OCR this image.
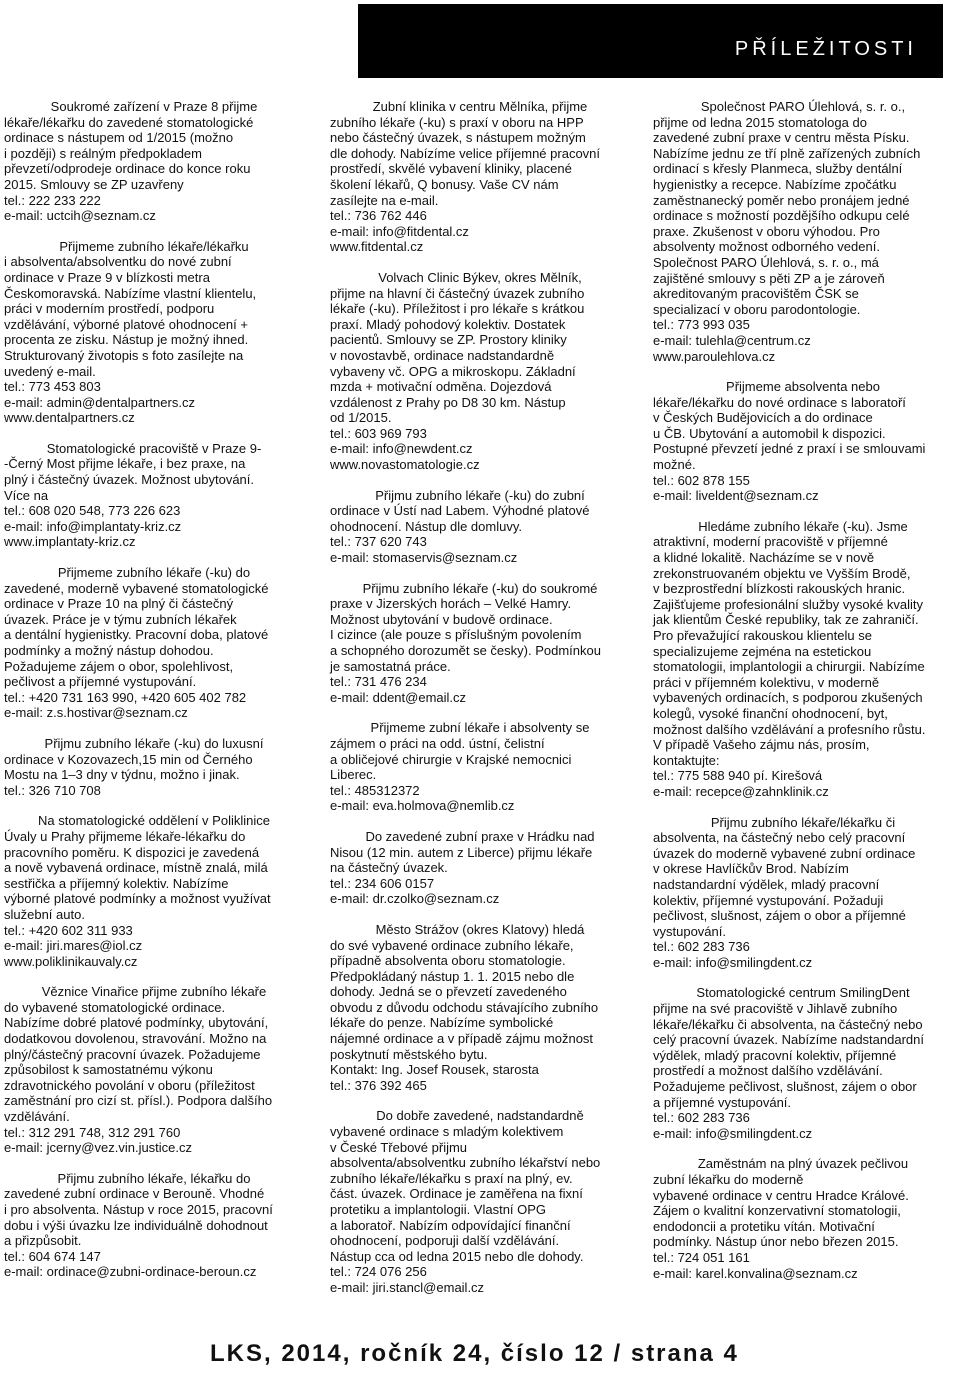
PŘÍLEŽITOSTI
Soukromé zařízení v Praze 8 přijme
lékaře/lékařku do zavedené stomatologické
ordinace s nástupem od 1/2015 (možno
i později) s reálným předpokladem
převzetí/odprodeje ordinace do konce roku
2015. Smlouvy se ZP uzavřeny
tel.: 222 233 222
e-mail: uctcih@seznam.cz
Přijmeme zubního lékaře/lékařku
i absolventa/absolventku do nové zubní
ordinace v Praze 9 v blízkosti metra
Českomoravská. Nabízíme vlastní klientelu,
práci v moderním prostředí, podporu
vzdělávání, výborné platové ohodnocení +
procenta ze zisku. Nástup je možný ihned.
Strukturovaný životopis s foto zasílejte na
uvedený e-mail.
tel.: 773 453 803
e-mail: admin@dentalpartners.cz
www.dentalpartners.cz
Stomatologické pracoviště v Praze 9-
-Černý Most přijme lékaře, i bez praxe, na
plný i částečný úvazek. Možnost ubytování.
Více na
tel.: 608 020 548, 773 226 623
e-mail: info@implantaty-kriz.cz
www.implantaty-kriz.cz
Přijmeme zubního lékaře (-ku) do
zavedené, moderně vybavené stomatologické
ordinace v Praze 10 na plný či částečný
úvazek. Práce je v týmu zubních lékařek
a dentální hygienistky. Pracovní doba, platové
podmínky a možný nástup dohodou.
Požadujeme zájem o obor, spolehlivost,
pečlivost a příjemné vystupování.
tel.: +420 731 163 990, +420 605 402 782
e-mail: z.s.hostivar@seznam.cz
Přijmu zubního lékaře (-ku) do luxusní
ordinace v Kozovazech,15 min od Černého
Mostu na 1–3 dny v týdnu, možno i jinak.
tel.: 326 710 708
Na stomatologické oddělení v Poliklinice
Úvaly u Prahy přijmeme lékaře-lékařku do
pracovního poměru. K dispozici je zavedená
a nově vybavená ordinace, místně znalá, milá
sestřička a příjemný kolektiv. Nabízíme
výborné platové podmínky a možnost využívat
služební auto.
tel.: +420 602 311 933
e-mail: jiri.mares@iol.cz
www.poliklinikauvaly.cz
Věznice Vinařice přijme zubního lékaře
do vybavené stomatologické ordinace.
Nabízíme dobré platové podmínky, ubytování,
dodatkovou dovolenou, stravování. Možno na
plný/částečný pracovní úvazek. Požadujeme
způsobilost k samostatnému výkonu
zdravotnického povolání v oboru (příležitost
zaměstnání pro cizí st. přísl.). Podpora dalšího
vzdělávání.
tel.: 312 291 748, 312 291 760
e-mail: jcerny@vez.vin.justice.cz
Přijmu zubního lékaře, lékařku do
zavedené zubní ordinace v Berouně. Vhodné
i pro absolventa. Nástup v roce 2015, pracovní
dobu i výši úvazku lze individuálně dohodnout
a přizpůsobit.
tel.: 604 674 147
e-mail: ordinace@zubni-ordinace-beroun.cz
Zubní klinika v centru Mělníka, přijme
zubního lékaře (-ku) s praxí v oboru na HPP
nebo částečný úvazek, s nástupem možným
dle dohody. Nabízíme velice příjemné pracovní
prostředí, skvělé vybavení kliniky, placené
školení lékařů, Q bonusy. Vaše CV nám
zasílejte na e-mail.
tel.: 736 762 446
e-mail: info@fitdental.cz
www.fitdental.cz
Volvach Clinic Býkev, okres Mělník,
přijme na hlavní či částečný úvazek zubního
lékaře (-ku). Příležitost i pro lékaře s krátkou
praxí. Mladý pohodový kolektiv. Dostatek
pacientů. Smlouvy se ZP. Prostory kliniky
v novostavbě, ordinace nadstandardně
vybaveny vč. OPG a mikroskopu. Základní
mzda + motivační odměna. Dojezdová
vzdálenost z Prahy po D8 30 km. Nástup
od 1/2015.
tel.: 603 969 793
e-mail: info@newdent.cz
www.novastomatologie.cz
Přijmu zubního lékaře (-ku) do zubní
ordinace v Ústí nad Labem. Výhodné platové
ohodnocení. Nástup dle domluvy.
tel.: 737 620 743
e-mail: stomaservis@seznam.cz
Přijmu zubního lékaře (-ku) do soukromé
praxe v Jizerských horách – Velké Hamry.
Možnost ubytování v budově ordinace.
I cizince (ale pouze s příslušným povolením
a schopného dorozumět se česky). Podmínkou
je samostatná práce.
tel.: 731 476 234
e-mail: ddent@email.cz
Přijmeme zubní lékaře i absolventy se
zájmem o práci na odd. ústní, čelistní
a obličejové chirurgie v Krajské nemocnici
Liberec.
tel.: 485312372
e-mail: eva.holmova@nemlib.cz
Do zavedené zubní praxe v Hrádku nad
Nisou (12 min. autem z Liberce) přijmu lékaře
na částečný úvazek.
tel.: 234 606 0157
e-mail: dr.czolko@seznam.cz
Město Strážov (okres Klatovy) hledá
do své vybavené ordinace zubního lékaře,
případně absolventa oboru stomatologie.
Předpokládaný nástup 1. 1. 2015 nebo dle
dohody. Jedná se o převzetí zavedeného
obvodu z důvodu odchodu stávajícího zubního
lékaře do penze. Nabízíme symbolické
nájemné ordinace a v případě zájmu možnost
poskytnutí městského bytu.
Kontakt: Ing. Josef Rousek, starosta
tel.: 376 392 465
Do dobře zavedené, nadstandardně
vybavené ordinace s mladým kolektivem
v České Třebové přijmu
absolventa/absolventku zubního lékařství nebo
zubního lékaře/lékařku s praxí na plný, ev.
část. úvazek. Ordinace je zaměřena na fixní
protetiku a implantologii. Vlastní OPG
a laboratoř. Nabízím odpovídající finanční
ohodnocení, podporuji další vzdělávání.
Nástup cca od ledna 2015 nebo dle dohody.
tel.: 724 076 256
e-mail: jiri.stancl@email.cz
Společnost PARO Úlehlová, s. r. o.,
přijme od ledna 2015 stomatologa do
zavedené zubní praxe v centru města Písku.
Nabízíme jednu ze tří plně zařízených zubních
ordinací s křesly Planmeca, služby dentální
hygienistky a recepce. Nabízíme zpočátku
zaměstnanecký poměr nebo pronájem jedné
ordinace s možností pozdějšího odkupu celé
praxe. Zkušenost v oboru výhodou. Pro
absolventy možnost odborného vedení.
Společnost PARO Úlehlová, s. r. o., má
zajištěné smlouvy s pěti ZP a je zároveň
akreditovaným pracovištěm ČSK se
specializací v oboru parodontologie.
tel.: 773 993 035
e-mail: tulehla@centrum.cz
www.paroulehlova.cz
Přijmeme absolventa nebo
lékaře/lékařku do nové ordinace s laboratoří
v Českých Budějovicích a do ordinace
u ČB. Ubytování a automobil k dispozici.
Postupné převzetí jedné z praxí i se smlouvami
možné.
tel.: 602 878 155
e-mail: liveldent@seznam.cz
Hledáme zubního lékaře (-ku). Jsme
atraktivní, moderní pracoviště v příjemné
a klidné lokalitě. Nacházíme se v nově
zrekonstruovaném objektu ve Vyšším Brodě,
v bezprostřední blízkosti rakouských hranic.
Zajišťujeme profesionální služby vysoké kvality
jak klientům České republiky, tak ze zahraničí.
Pro převažující rakouskou klientelu se
specializujeme zejména na estetickou
stomatologii, implantologii a chirurgii. Nabízíme
práci v příjemném kolektivu, v moderně
vybavených ordinacích, s podporou zkušených
kolegů, vysoké finanční ohodnocení, byt,
možnost dalšího vzdělávání a profesního růstu.
V případě Vašeho zájmu nás, prosím,
kontaktujte:
tel.: 775 588 940 pí. Kirešová
e-mail: recepce@zahnklinik.cz
Přijmu zubního lékaře/lékařku či
absolventa, na částečný nebo celý pracovní
úvazek do moderně vybavené zubní ordinace
v okrese Havlíčkův Brod. Nabízím
nadstandardní výdělek, mladý pracovní
kolektiv, příjemné vystupování. Požaduji
pečlivost, slušnost, zájem o obor a příjemné
vystupování.
tel.: 602 283 736
e-mail: info@smilingdent.cz
Stomatologické centrum SmilingDent
přijme na své pracoviště v Jihlavě zubního
lékaře/lékařku či absolventa, na částečný nebo
celý pracovní úvazek. Nabízíme nadstandardní
výdělek, mladý pracovní kolektiv, příjemné
prostředí a možnost dalšího vzdělávání.
Požadujeme pečlivost, slušnost, zájem o obor
a příjemné vystupování.
tel.: 602 283 736
e-mail: info@smilingdent.cz
Zaměstnám na plný úvazek pečlivou
zubní lékařku do moderně
vybavené ordinace v centru Hradce Králové.
Zájem o kvalitní konzervativní stomatologii,
endodoncii a protetiku vítán. Motivační
podmínky. Nástup únor nebo březen 2015.
tel.: 724 051 161
e-mail: karel.konvalina@seznam.cz
LKS, 2014, ročník 24, číslo 12 / strana 4
